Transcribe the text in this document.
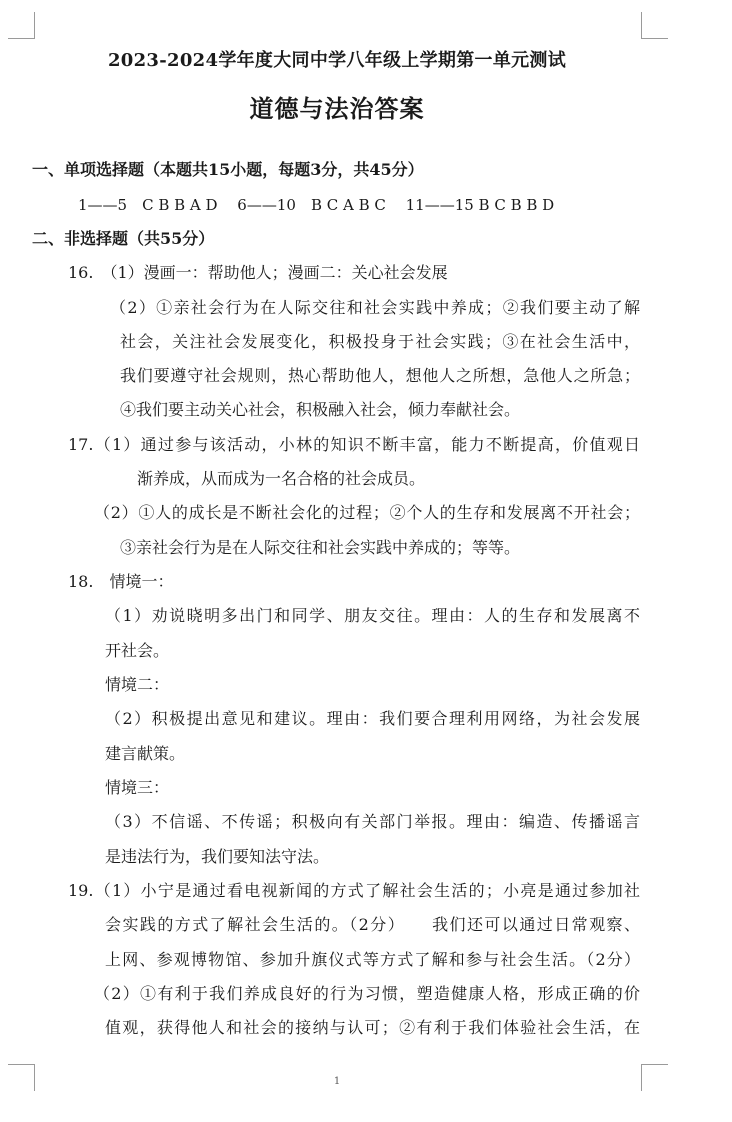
2023-2024学年度大同中学八年级上学期第一单元测试
道德与法治答案
一、单项选择题（本题共15小题，每题3分，共45分）
1——5　C B B A D　 6——10　B C A B C　 11——15 B C B B D
二、非选择题（共55分）
16.　（1）漫画一：帮助他人；漫画二：关心社会发展
（2）①亲社会行为在人际交往和社会实践中养成；②我们要主动了解
社会，关注社会发展变化，积极投身于社会实践；③在社会生活中，
我们要遵守社会规则，热心帮助他人，想他人之所想，急他人之所急；
④我们要主动关心社会，积极融入社会，倾力奉献社会。
17.（1）通过参与该活动，小林的知识不断丰富，能力不断提高，价值观日
渐养成，从而成为一名合格的社会成员。
（2）①人的成长是不断社会化的过程；②个人的生存和发展离不开社会；
③亲社会行为是在人际交往和社会实践中养成的；等等。
18.　情境一：
（1）劝说晓明多出门和同学、朋友交往。理由：人的生存和发展离不
开社会。
情境二：
（2）积极提出意见和建议。理由：我们要合理利用网络，为社会发展
建言献策。
情境三：
（3）不信谣、不传谣；积极向有关部门举报。理由：编造、传播谣言
是违法行为，我们要知法守法。
19.（1）小宁是通过看电视新闻的方式了解社会生活的；小亮是通过参加社
会实践的方式了解社会生活的。（2分）　　我们还可以通过日常观察、
上网、参观博物馆、参加升旗仪式等方式了解和参与社会生活。（2分）
（2）①有利于我们养成良好的行为习惯，塑造健康人格，形成正确的价
值观，获得他人和社会的接纳与认可；②有利于我们体验社会生活，在
1
